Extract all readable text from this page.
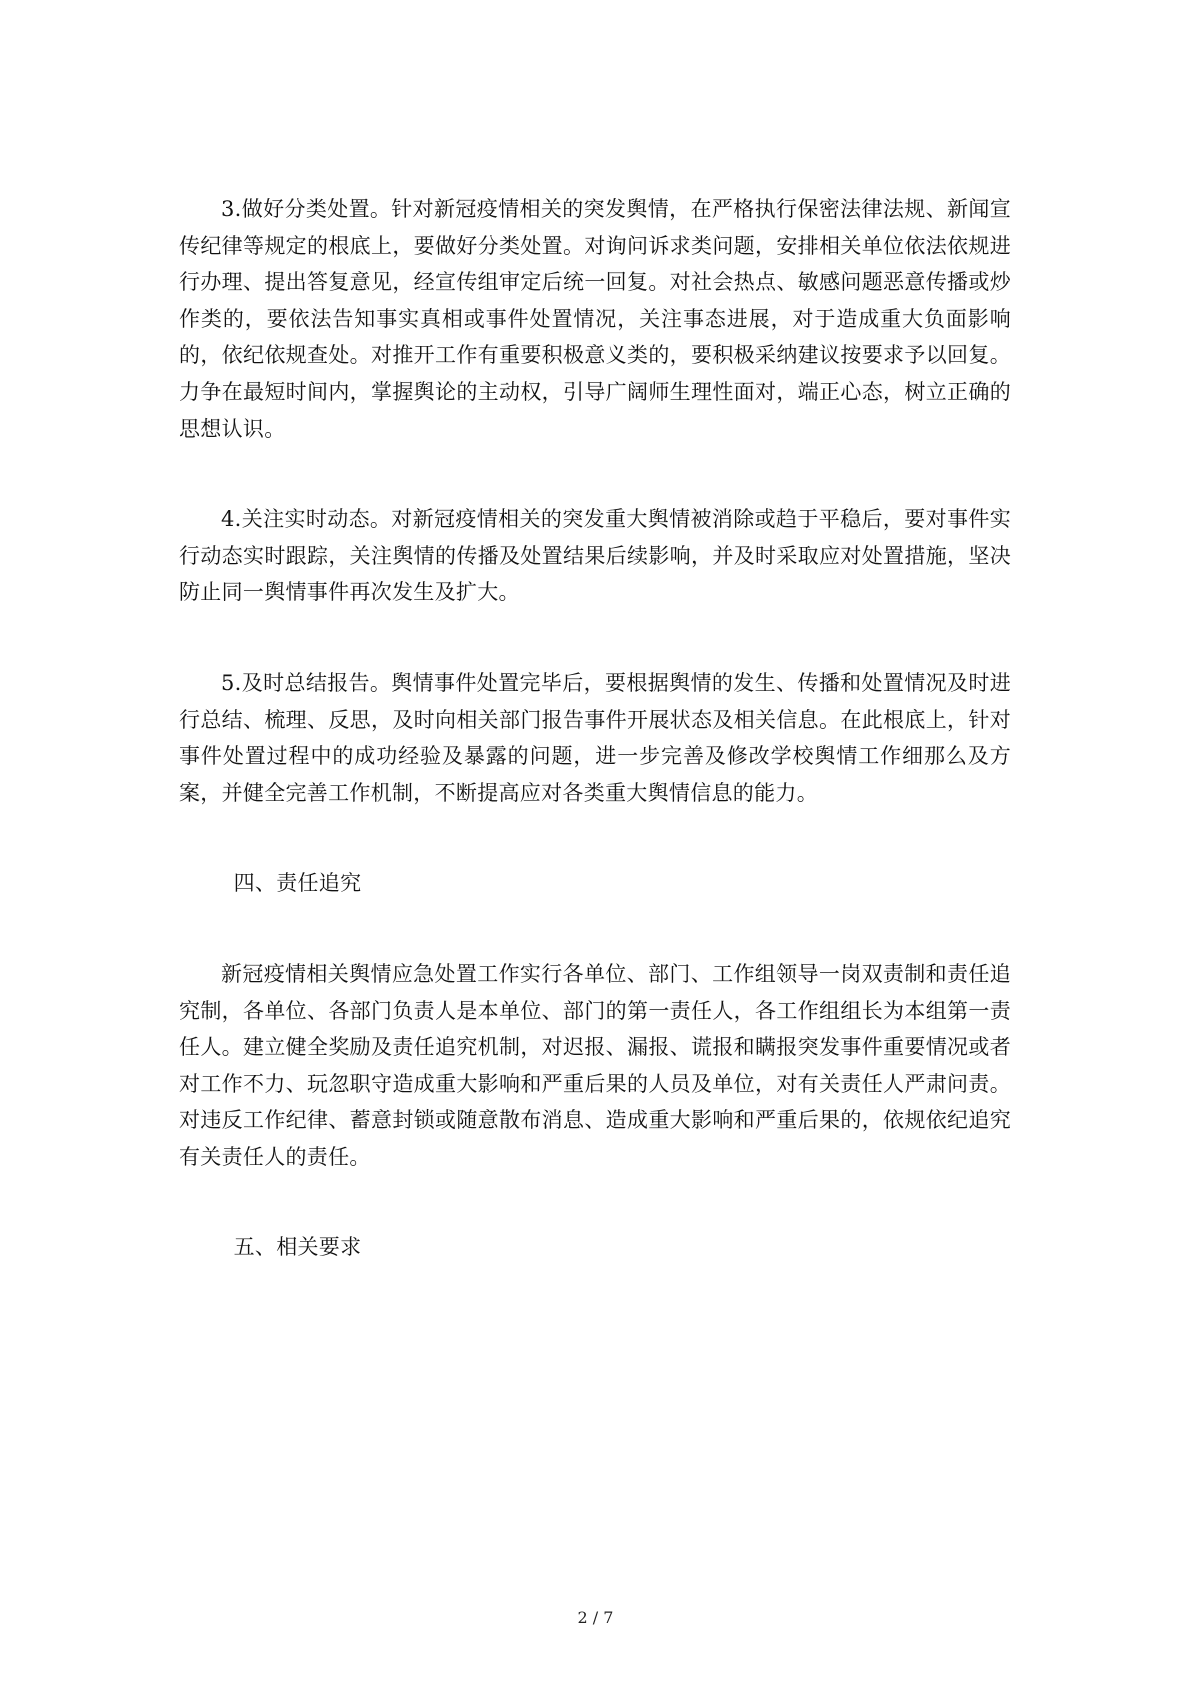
3.做好分类处置。针对新冠疫情相关的突发舆情，在严格执行保密法律法规、新闻宣传纪律等规定的根底上，要做好分类处置。对询问诉求类问题，安排相关单位依法依规进行办理、提出答复意见，经宣传组审定后统一回复。对社会热点、敏感问题恶意传播或炒作类的，要依法告知事实真相或事件处置情况，关注事态进展，对于造成重大负面影响的，依纪依规查处。对推开工作有重要积极意义类的，要积极采纳建议按要求予以回复。力争在最短时间内，掌握舆论的主动权，引导广阔师生理性面对，端正心态，树立正确的思想认识。

4.关注实时动态。对新冠疫情相关的突发重大舆情被消除或趋于平稳后，要对事件实行动态实时跟踪，关注舆情的传播及处置结果后续影响，并及时采取应对处置措施，坚决防止同一舆情事件再次发生及扩大。

5.及时总结报告。舆情事件处置完毕后，要根据舆情的发生、传播和处置情况及时进行总结、梳理、反思，及时向相关部门报告事件开展状态及相关信息。在此根底上，针对事件处置过程中的成功经验及暴露的问题，进一步完善及修改学校舆情工作细那么及方案，并健全完善工作机制，不断提高应对各类重大舆情信息的能力。

四、责任追究

新冠疫情相关舆情应急处置工作实行各单位、部门、工作组领导一岗双责制和责任追究制，各单位、各部门负责人是本单位、部门的第一责任人，各工作组组长为本组第一责任人。建立健全奖励及责任追究机制，对迟报、漏报、谎报和瞒报突发事件重要情况或者对工作不力、玩忽职守造成重大影响和严重后果的人员及单位，对有关责任人严肃问责。对违反工作纪律、蓄意封锁或随意散布消息、造成重大影响和严重后果的，依规依纪追究有关责任人的责任。

五、相关要求

2 / 7
